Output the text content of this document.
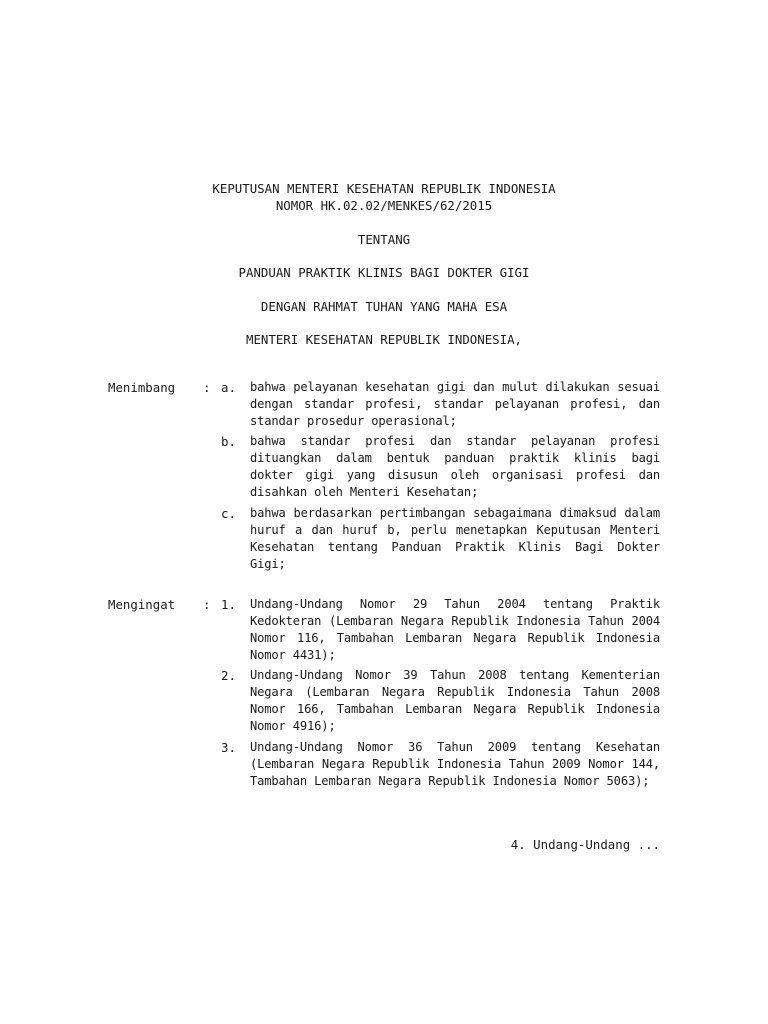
KEPUTUSAN MENTERI KESEHATAN REPUBLIK INDONESIA
NOMOR HK.02.02/MENKES/62/2015
TENTANG
PANDUAN PRAKTIK KLINIS BAGI DOKTER GIGI
DENGAN RAHMAT TUHAN YANG MAHA ESA
MENTERI KESEHATAN REPUBLIK INDONESIA,
Menimbang : a.	bahwa pelayanan kesehatan gigi dan mulut dilakukan sesuai dengan standar profesi, standar pelayanan profesi, dan standar prosedur operasional;
b.	bahwa standar profesi dan standar pelayanan profesi dituangkan dalam bentuk panduan praktik klinis bagi dokter gigi yang disusun oleh organisasi profesi dan disahkan oleh Menteri Kesehatan;
c.	bahwa berdasarkan pertimbangan sebagaimana dimaksud dalam huruf a dan huruf b, perlu menetapkan Keputusan Menteri Kesehatan tentang Panduan Praktik Klinis Bagi Dokter Gigi;
Mengingat : 1.	Undang-Undang Nomor 29 Tahun 2004 tentang Praktik Kedokteran (Lembaran Negara Republik Indonesia Tahun 2004 Nomor 116, Tambahan Lembaran Negara Republik Indonesia Nomor 4431);
2.	Undang-Undang Nomor 39 Tahun 2008 tentang Kementerian Negara (Lembaran Negara Republik Indonesia Tahun 2008 Nomor 166, Tambahan Lembaran Negara Republik Indonesia Nomor 4916);
3.	Undang-Undang Nomor 36 Tahun 2009 tentang Kesehatan (Lembaran Negara Republik Indonesia Tahun 2009 Nomor 144, Tambahan Lembaran Negara Republik Indonesia Nomor 5063);
4. Undang-Undang ...
